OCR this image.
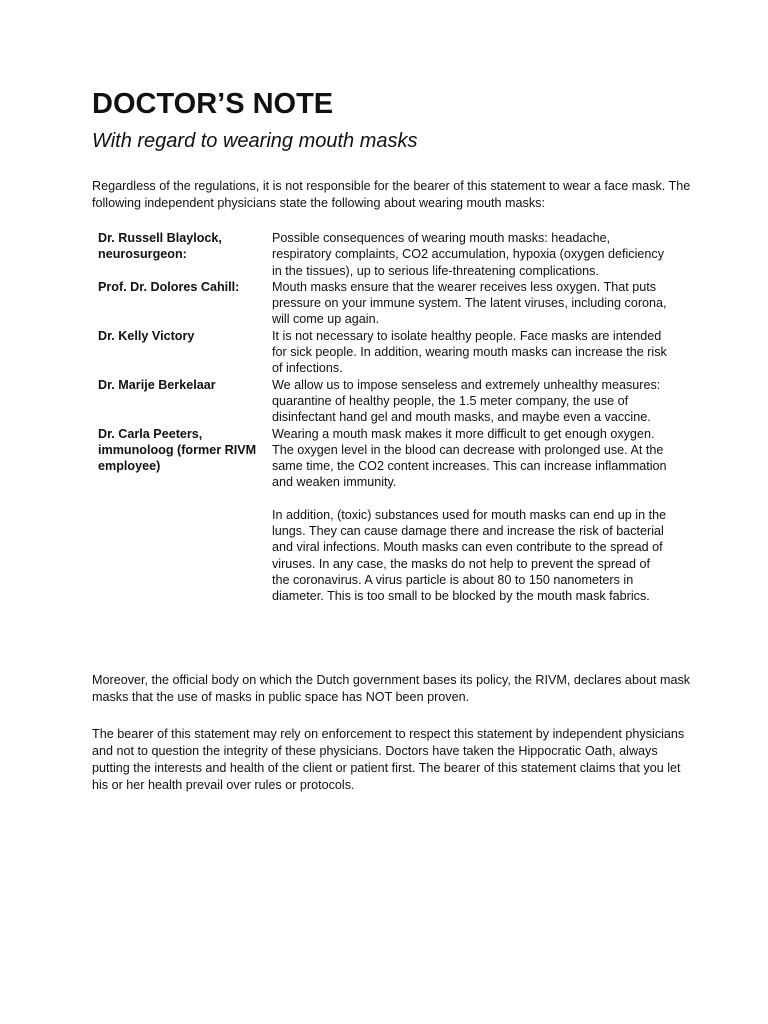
DOCTOR’S NOTE
With regard to wearing mouth masks

Regardless of the regulations, it is not responsible for the bearer of this statement to wear a face mask. The following independent physicians state the following about wearing mouth masks:

Dr. Russell Blaylock, neurosurgeon:	Possible consequences of wearing mouth masks: headache, respiratory complaints, CO2 accumulation, hypoxia (oxygen deficiency in the tissues), up to serious life-threatening complications.
Prof. Dr. Dolores Cahill:	Mouth masks ensure that the wearer receives less oxygen. That puts pressure on your immune system. The latent viruses, including corona, will come up again.
Dr. Kelly Victory	It is not necessary to isolate healthy people. Face masks are intended for sick people. In addition, wearing mouth masks can increase the risk of infections.
Dr. Marije Berkelaar	We allow us to impose senseless and extremely unhealthy measures: quarantine of healthy people, the 1.5 meter company, the use of disinfectant hand gel and mouth masks, and maybe even a vaccine.
Dr. Carla Peeters, immunoloog (former RIVM employee)	Wearing a mouth mask makes it more difficult to get enough oxygen. The oxygen level in the blood can decrease with prolonged use. At the same time, the CO2 content increases. This can increase inflammation and weaken immunity.
In addition, (toxic) substances used for mouth masks can end up in the lungs. They can cause damage there and increase the risk of bacterial and viral infections. Mouth masks can even contribute to the spread of viruses. In any case, the masks do not help to prevent the spread of the coronavirus. A virus particle is about 80 to 150 nanometers in diameter. This is too small to be blocked by the mouth mask fabrics.

Moreover, the official body on which the Dutch government bases its policy, the RIVM, declares about mask masks that the use of masks in public space has NOT been proven.

The bearer of this statement may rely on enforcement to respect this statement by independent physicians and not to question the integrity of these physicians. Doctors have taken the Hippocratic Oath, always putting the interests and health of the client or patient first. The bearer of this statement claims that you let his or her health prevail over rules or protocols.
